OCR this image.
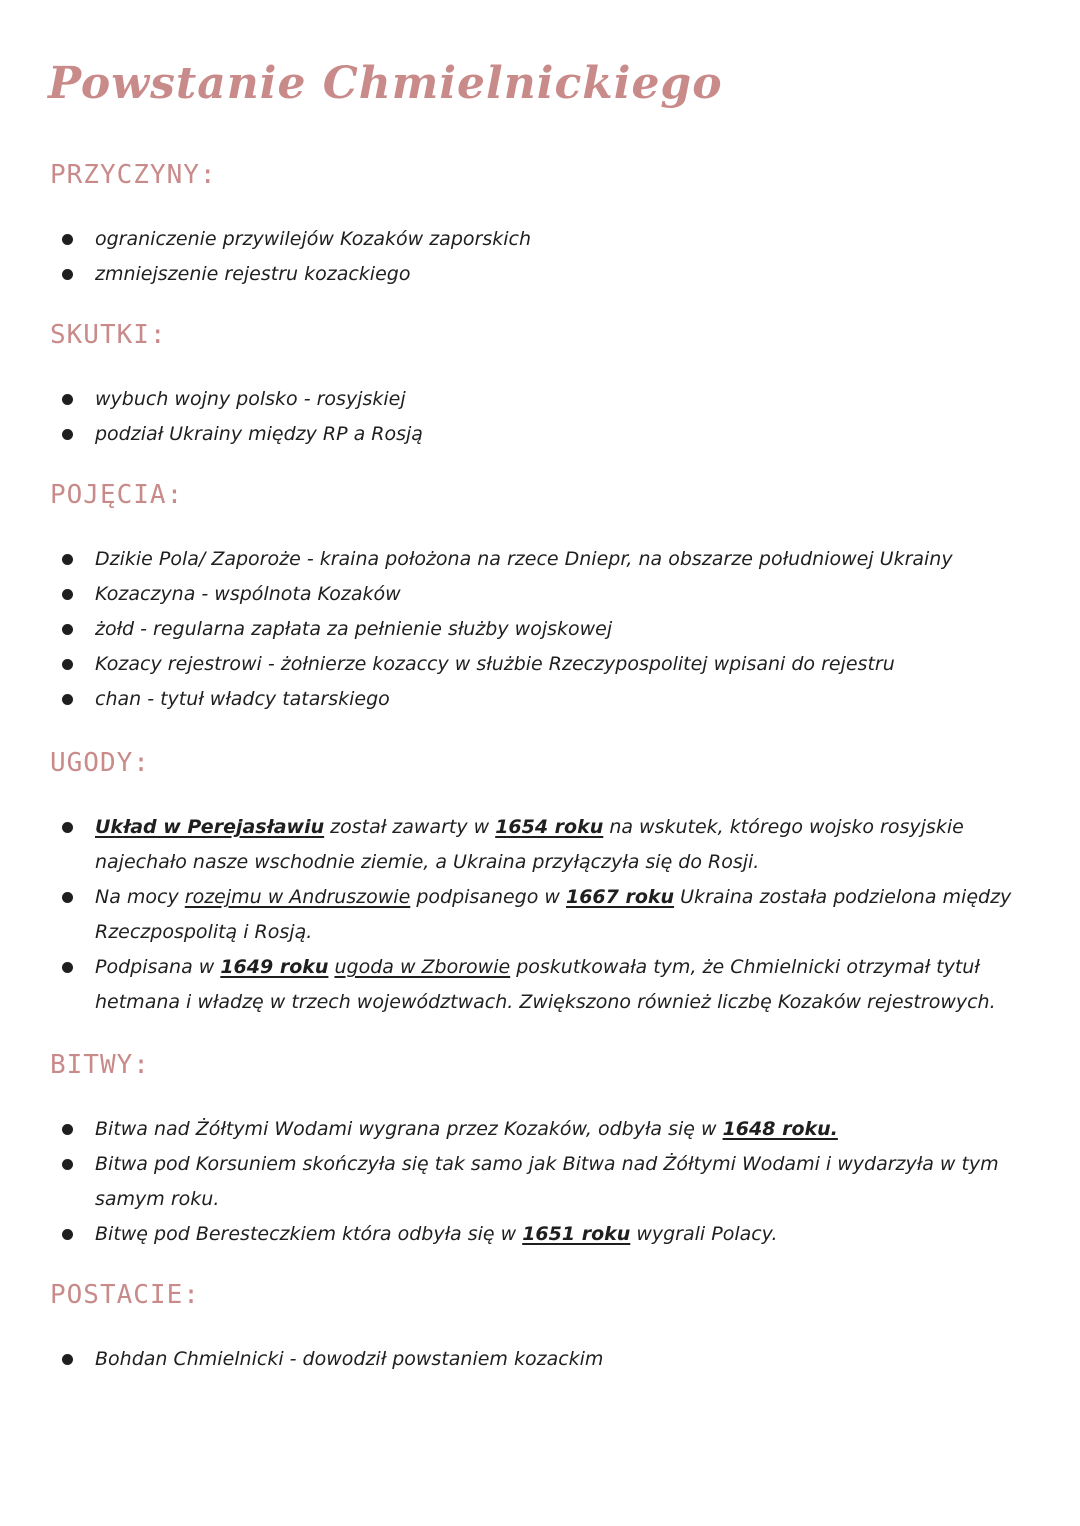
Powstanie Chmielnickiego
PRZYCZYNY:
ograniczenie przywilejów Kozaków zaporskich
zmniejszenie rejestru kozackiego
SKUTKI:
wybuch wojny polsko - rosyjskiej
podział Ukrainy między RP a Rosją
POJĘCIA:
Dzikie Pola/ Zaporoże - kraina położona na rzece Dniepr, na obszarze południowej Ukrainy
Kozaczyna - wspólnota Kozaków
żołd - regularna zapłata za pełnienie służby wojskowej
Kozacy rejestrowi - żołnierze kozaccy w służbie Rzeczypospolitej wpisani do rejestru
chan - tytuł władcy tatarskiego
UGODY:
Układ w Perejasławiu został zawarty w 1654 roku na wskutek, którego wojsko rosyjskie najechało nasze wschodnie ziemie, a Ukraina przyłączyła się do Rosji.
Na mocy rozejmu w Andruszowie podpisanego w 1667 roku Ukraina została podzielona między Rzeczpospolitą i Rosją.
Podpisana w 1649 roku ugoda w Zborowie poskutkowała tym, że Chmielnicki otrzymał tytuł hetmana i władzę w trzech województwach. Zwiększono również liczbę Kozaków rejestrowych.
BITWY:
Bitwa nad Żółtymi Wodami wygrana przez Kozaków, odbyła się w 1648 roku.
Bitwa pod Korsuniem skończyła się tak samo jak Bitwa nad Żółtymi Wodami i wydarzyła w tym samym roku.
Bitwę pod Beresteczkiem która odbyła się w 1651 roku wygrali Polacy.
POSTACIE:
Bohdan Chmielnicki - dowodził powstaniem kozackim
